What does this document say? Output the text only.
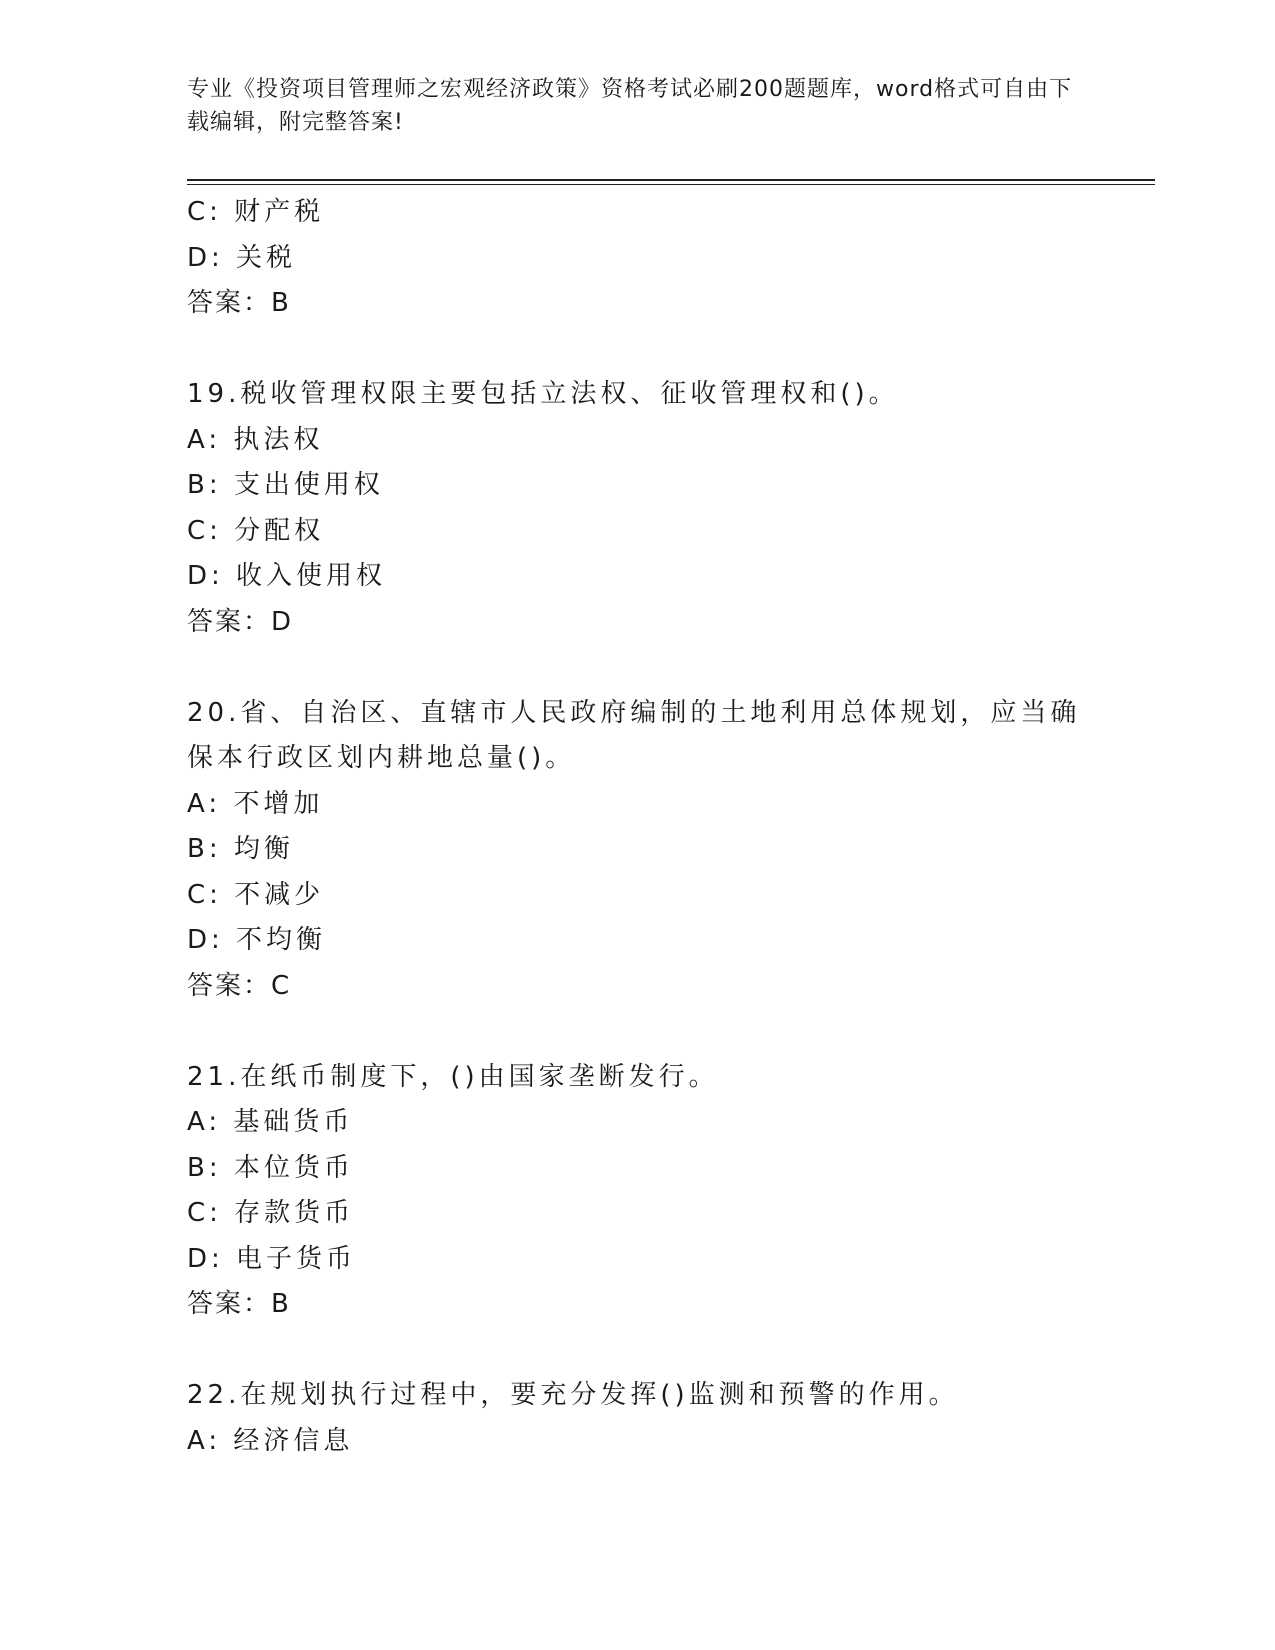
专业《投资项目管理师之宏观经济政策》资格考试必刷200题题库，word格式可自由下载编辑，附完整答案!
C: 财产税
D: 关税
答案：B
19.税收管理权限主要包括立法权、征收管理权和()。
A: 执法权
B: 支出使用权
C: 分配权
D: 收入使用权
答案：D
20.省、自治区、直辖市人民政府编制的土地利用总体规划，应当确保本行政区划内耕地总量()。
A: 不增加
B: 均衡
C: 不减少
D: 不均衡
答案：C
21.在纸币制度下，()由国家垄断发行。
A: 基础货币
B: 本位货币
C: 存款货币
D: 电子货币
答案：B
22.在规划执行过程中，要充分发挥()监测和预警的作用。
A: 经济信息
